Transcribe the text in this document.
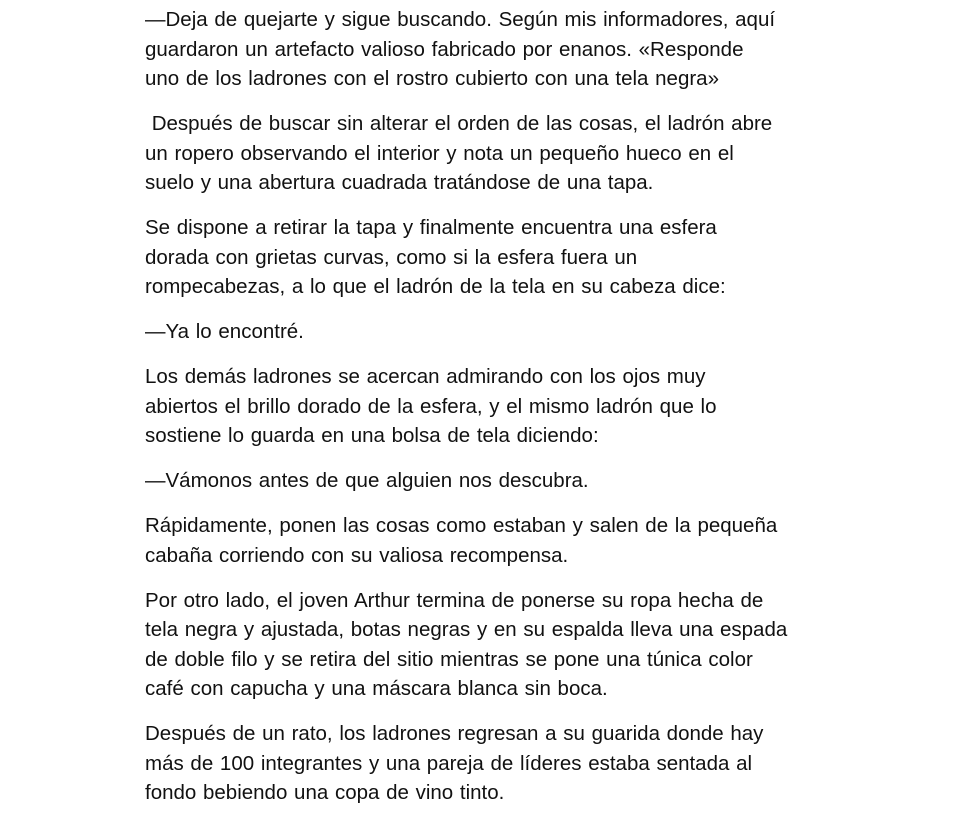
—Deja de quejarte y sigue buscando. Según mis informadores, aquí
guardaron un artefacto valioso fabricado por enanos. «Responde
uno de los ladrones con el rostro cubierto con una tela negra»

Después de buscar sin alterar el orden de las cosas, el ladrón abre
un ropero observando el interior y nota un pequeño hueco en el
suelo y una abertura cuadrada tratándose de una tapa.

Se dispone a retirar la tapa y finalmente encuentra una esfera
dorada con grietas curvas, como si la esfera fuera un
rompecabezas, a lo que el ladrón de la tela en su cabeza dice:

—Ya lo encontré.

Los demás ladrones se acercan admirando con los ojos muy
abiertos el brillo dorado de la esfera, y el mismo ladrón que lo
sostiene lo guarda en una bolsa de tela diciendo:

—Vámonos antes de que alguien nos descubra.

Rápidamente, ponen las cosas como estaban y salen de la pequeña
cabaña corriendo con su valiosa recompensa.

Por otro lado, el joven Arthur termina de ponerse su ropa hecha de
tela negra y ajustada, botas negras y en su espalda lleva una espada
de doble filo y se retira del sitio mientras se pone una túnica color
café con capucha y una máscara blanca sin boca.

Después de un rato, los ladrones regresan a su guarida donde hay
más de 100 integrantes y una pareja de líderes estaba sentada al
fondo bebiendo una copa de vino tinto.
